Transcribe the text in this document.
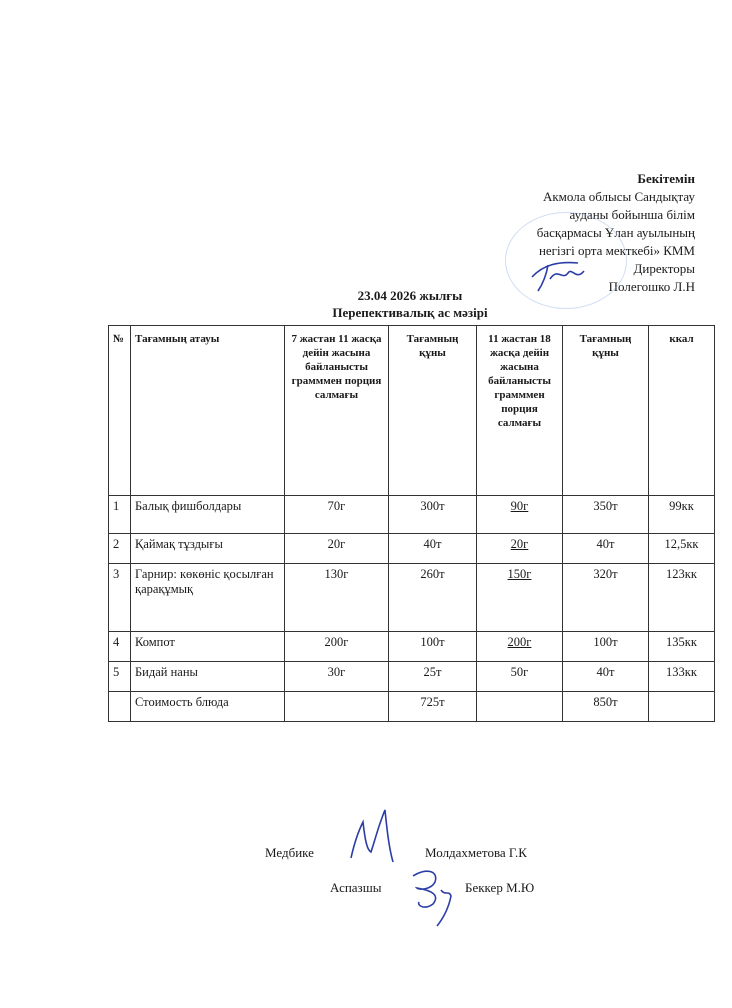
Бекітемін
Акмола облысы Сандықтау
ауданы бойынша білім
басқармасы Ұлан ауылының
негізгі орта мекткебі» КММ
Директоры
Полегошко Л.Н
23.04 2026 жылғы
Перепективалық ас мәзірі
№	Тағамның атауы	7 жастан 11 жасқа дейін жасына байланысты грамммен порция салмағы	Тағамның құны	11 жастан 18 жасқа дейін жасына байланысты грамммен порция салмағы	Тағамның құны	ккал
1	Балық фишболдары	70г	300т	90г	350т	99кк
2	Қаймақ тұздығы	20г	40т	20г	40т	12,5кк
3	Гарнир: көкөніс қосылған қарақұмық	130г	260т	150г	320т	123кк
4	Компот	200г	100т	200г	100т	135кк
5	Бидай наны	30г	25т	50г	40т	133кк
	Стоимость блюда		725т		850т	
Медбике	Молдахметова Г.К
Аспазшы	Беккер М.Ю
